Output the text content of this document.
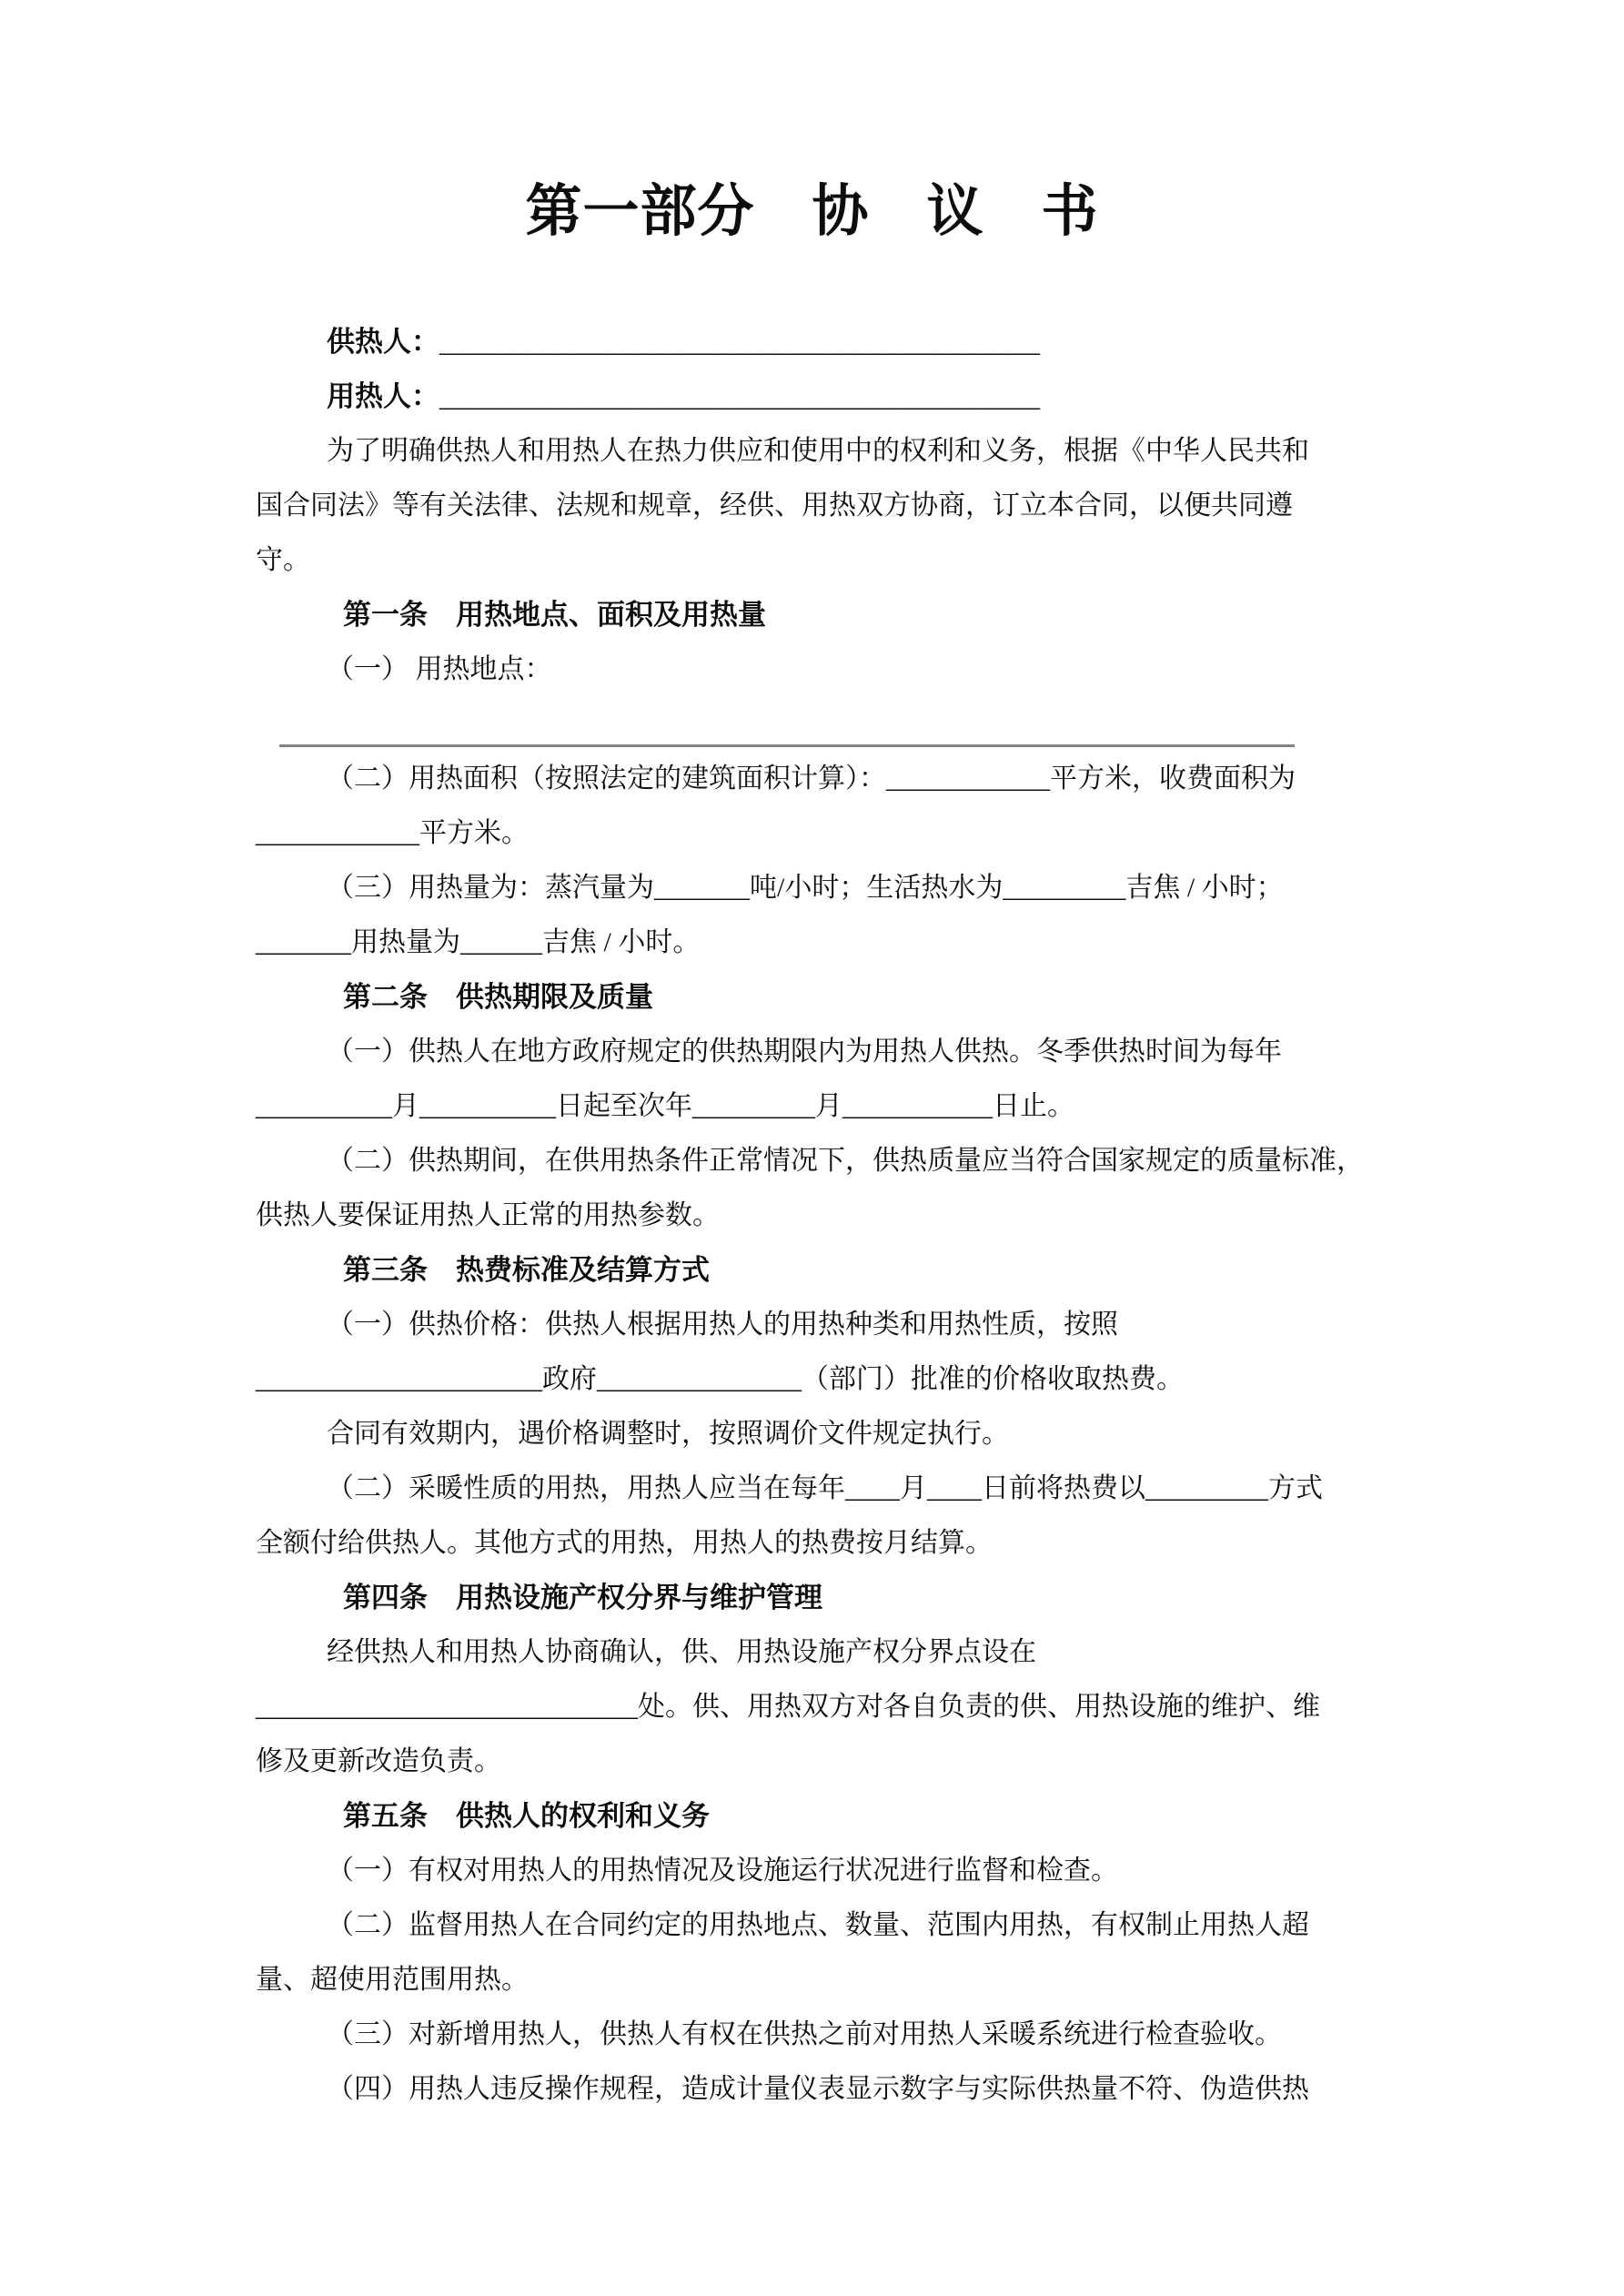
第一部分　协　议　书
供热人：____________________________________________
用热人：____________________________________________
为了明确供热人和用热人在热力供应和使用中的权利和义务，根据《中华人民共和
国合同法》等有关法律、法规和规章，经供、用热双方协商，订立本合同，以便共同遵
守。
第一条　用热地点、面积及用热量
（一） 用热地点：
（二）用热面积（按照法定的建筑面积计算）：____________平方米，收费面积为
____________平方米。
（三）用热量为：蒸汽量为_______吨/小时；生活热水为_________吉焦 / 小时；
_______用热量为______吉焦 / 小时。
第二条　供热期限及质量
（一）供热人在地方政府规定的供热期限内为用热人供热。冬季供热时间为每年
__________月__________日起至次年_________月___________日止。
（二）供热期间，在供用热条件正常情况下，供热质量应当符合国家规定的质量标准，
供热人要保证用热人正常的用热参数。
第三条　热费标准及结算方式
（一）供热价格：供热人根据用热人的用热种类和用热性质，按照
_____________________政府_______________（部门）批准的价格收取热费。
合同有效期内，遇价格调整时，按照调价文件规定执行。
（二）采暖性质的用热，用热人应当在每年____月____日前将热费以_________方式
全额付给供热人。其他方式的用热，用热人的热费按月结算。
第四条　用热设施产权分界与维护管理
经供热人和用热人协商确认，供、用热设施产权分界点设在
____________________________处。供、用热双方对各自负责的供、用热设施的维护、维
修及更新改造负责。
第五条　供热人的权利和义务
（一）有权对用热人的用热情况及设施运行状况进行监督和检查。
（二）监督用热人在合同约定的用热地点、数量、范围内用热，有权制止用热人超
量、超使用范围用热。
（三）对新增用热人，供热人有权在供热之前对用热人采暖系统进行检查验收。
（四）用热人违反操作规程，造成计量仪表显示数字与实际供热量不符、伪造供热
